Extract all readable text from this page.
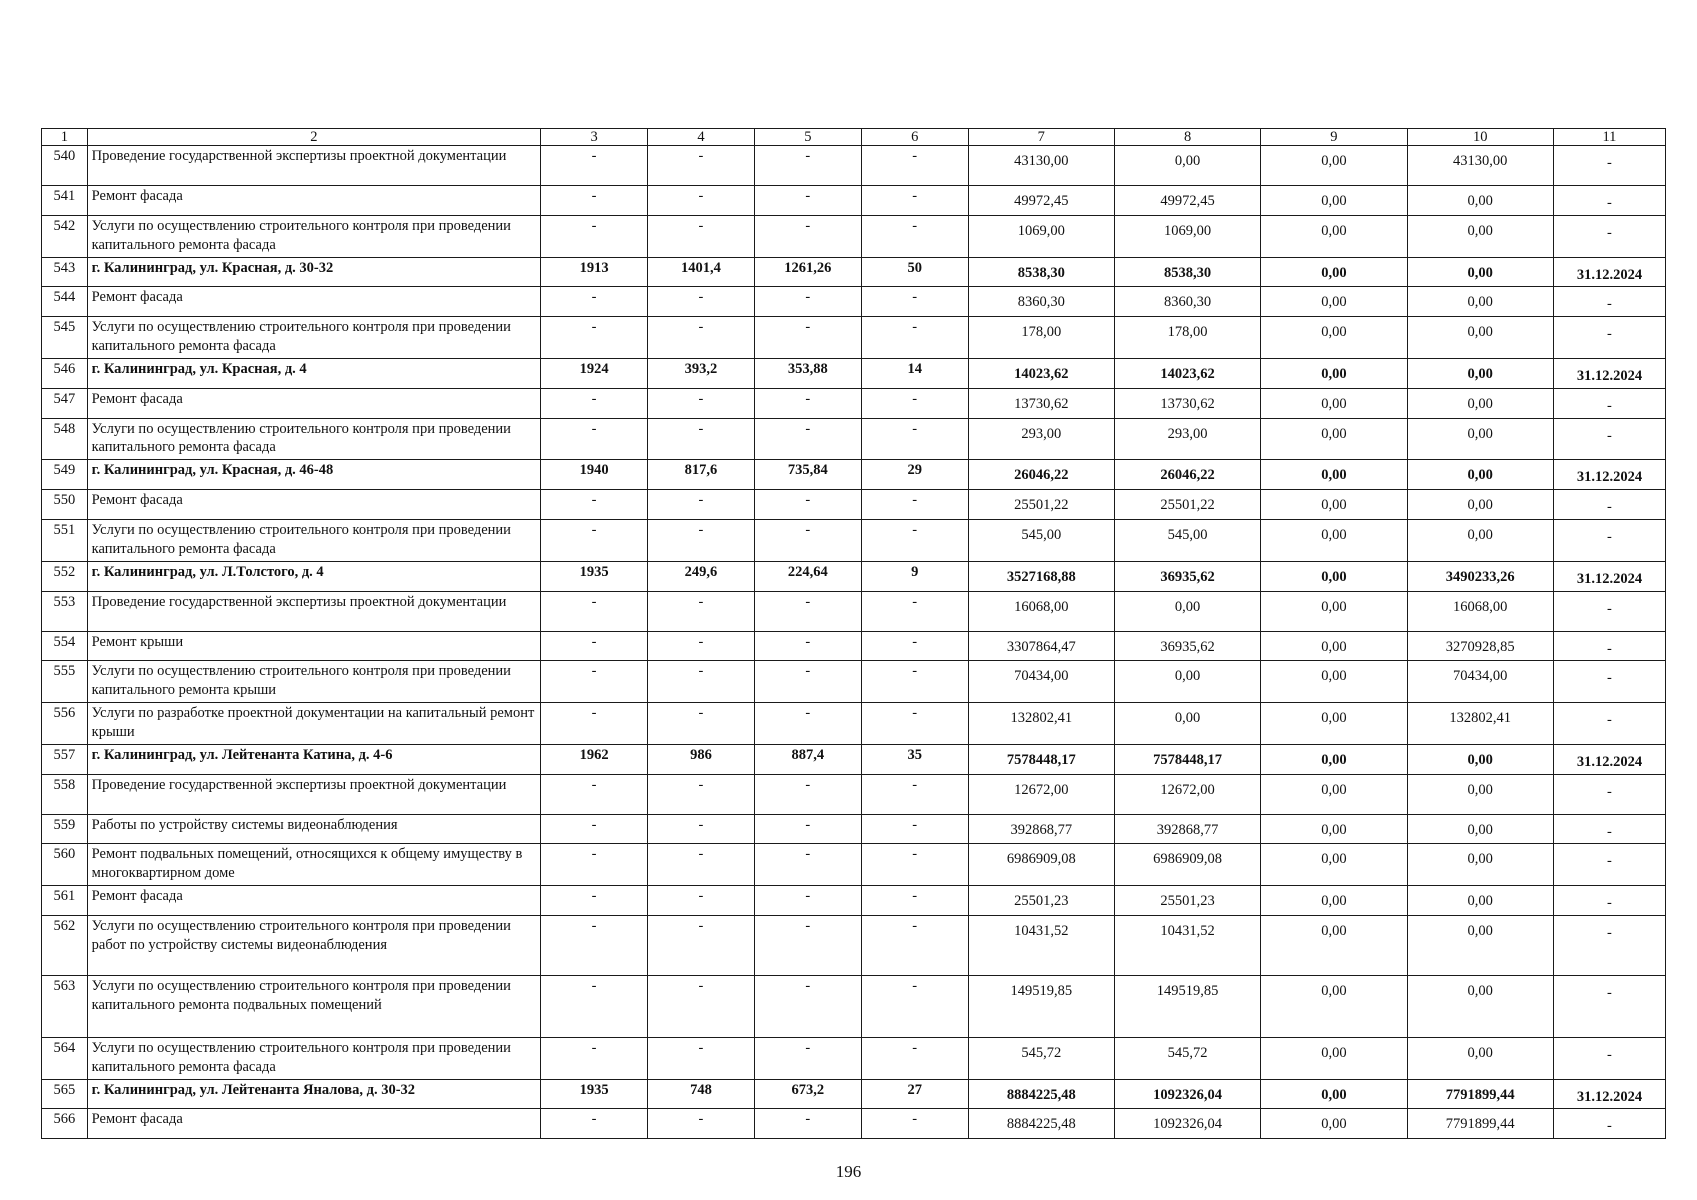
1	2	3	4	5	6	7	8	9	10	11
540	Проведение государственной экспертизы проектной документации	-	-	-	-	43130,00	0,00	0,00	43130,00	-
541	Ремонт фасада	-	-	-	-	49972,45	49972,45	0,00	0,00	-
542	Услуги по осуществлению строительного контроля при проведении капитального ремонта фасада	-	-	-	-	1069,00	1069,00	0,00	0,00	-
543	г. Калининград, ул. Красная, д. 30-32	1913	1401,4	1261,26	50	8538,30	8538,30	0,00	0,00	31.12.2024
544	Ремонт фасада	-	-	-	-	8360,30	8360,30	0,00	0,00	-
545	Услуги по осуществлению строительного контроля при проведении капитального ремонта фасада	-	-	-	-	178,00	178,00	0,00	0,00	-
546	г. Калининград, ул. Красная, д. 4	1924	393,2	353,88	14	14023,62	14023,62	0,00	0,00	31.12.2024
547	Ремонт фасада	-	-	-	-	13730,62	13730,62	0,00	0,00	-
548	Услуги по осуществлению строительного контроля при проведении капитального ремонта фасада	-	-	-	-	293,00	293,00	0,00	0,00	-
549	г. Калининград, ул. Красная, д. 46-48	1940	817,6	735,84	29	26046,22	26046,22	0,00	0,00	31.12.2024
550	Ремонт фасада	-	-	-	-	25501,22	25501,22	0,00	0,00	-
551	Услуги по осуществлению строительного контроля при проведении капитального ремонта фасада	-	-	-	-	545,00	545,00	0,00	0,00	-
552	г. Калининград, ул. Л.Толстого, д. 4	1935	249,6	224,64	9	3527168,88	36935,62	0,00	3490233,26	31.12.2024
553	Проведение государственной экспертизы проектной документации	-	-	-	-	16068,00	0,00	0,00	16068,00	-
554	Ремонт крыши	-	-	-	-	3307864,47	36935,62	0,00	3270928,85	-
555	Услуги по осуществлению строительного контроля при проведении капитального ремонта крыши	-	-	-	-	70434,00	0,00	0,00	70434,00	-
556	Услуги по разработке проектной документации на капитальный ремонт крыши	-	-	-	-	132802,41	0,00	0,00	132802,41	-
557	г. Калининград, ул. Лейтенанта Катина, д. 4-6	1962	986	887,4	35	7578448,17	7578448,17	0,00	0,00	31.12.2024
558	Проведение государственной экспертизы проектной документации	-	-	-	-	12672,00	12672,00	0,00	0,00	-
559	Работы по устройству системы видеонаблюдения	-	-	-	-	392868,77	392868,77	0,00	0,00	-
560	Ремонт подвальных помещений, относящихся к общему имуществу в многоквартирном доме	-	-	-	-	6986909,08	6986909,08	0,00	0,00	-
561	Ремонт фасада	-	-	-	-	25501,23	25501,23	0,00	0,00	-
562	Услуги по осуществлению строительного контроля при проведении работ по устройству системы видеонаблюдения	-	-	-	-	10431,52	10431,52	0,00	0,00	-
563	Услуги по осуществлению строительного контроля при проведении капитального ремонта подвальных помещений	-	-	-	-	149519,85	149519,85	0,00	0,00	-
564	Услуги по осуществлению строительного контроля при проведении капитального ремонта фасада	-	-	-	-	545,72	545,72	0,00	0,00	-
565	г. Калининград, ул. Лейтенанта Яналова, д. 30-32	1935	748	673,2	27	8884225,48	1092326,04	0,00	7791899,44	31.12.2024
566	Ремонт фасада	-	-	-	-	8884225,48	1092326,04	0,00	7791899,44	-
196
